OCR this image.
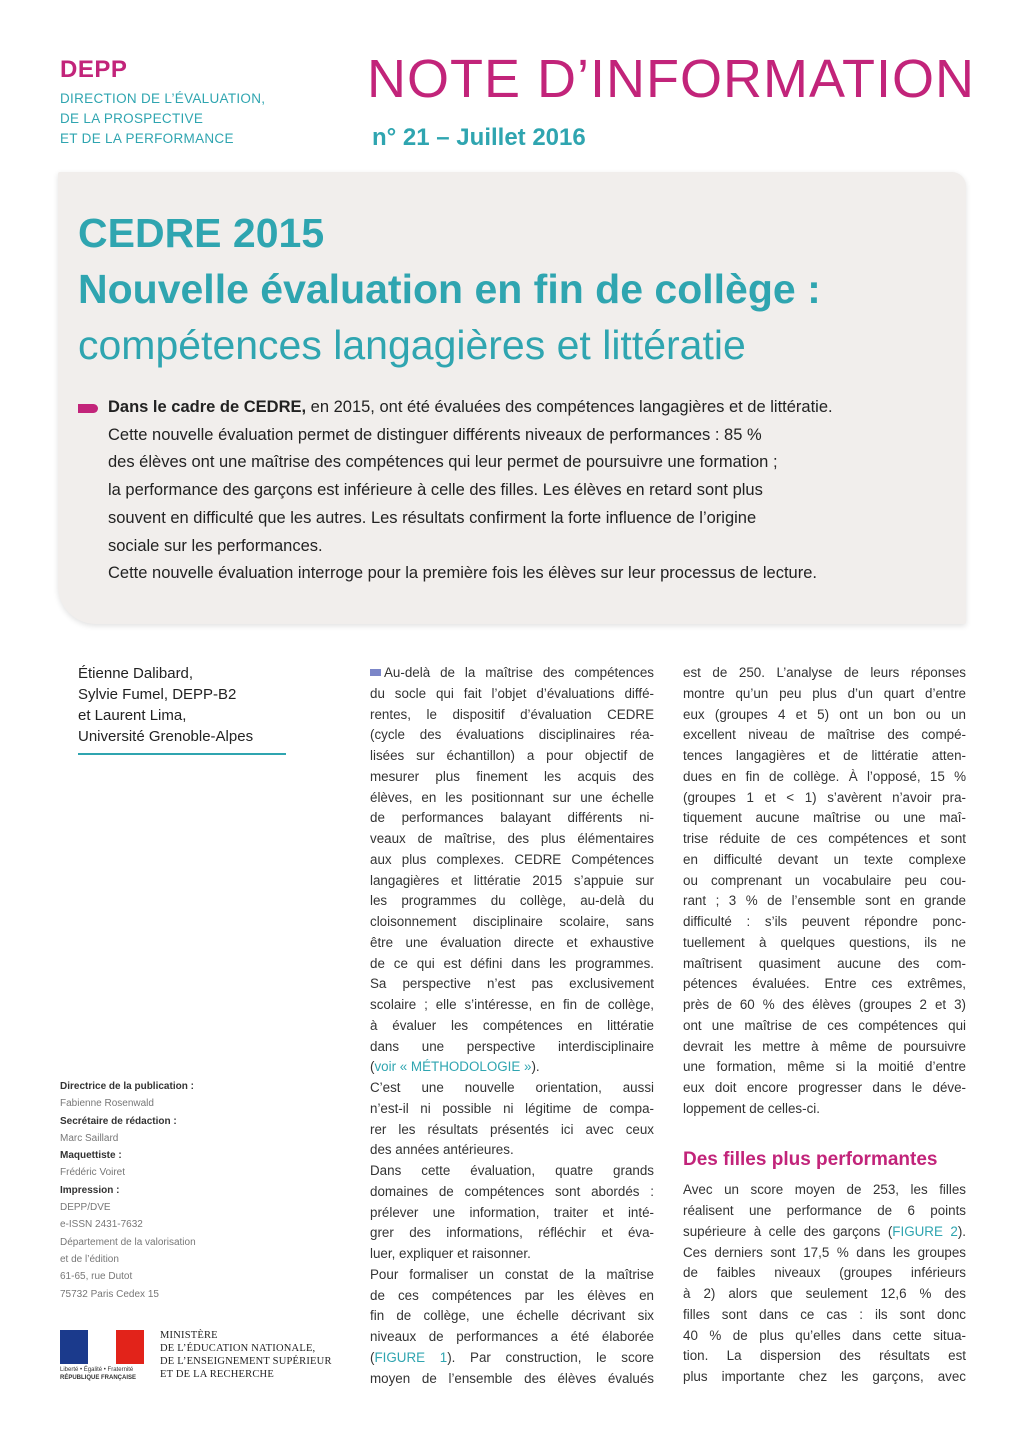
DEPP
DIRECTION DE L’ÉVALUATION,
DE LA PROSPECTIVE
ET DE LA PERFORMANCE
NOTE D’INFORMATION
n° 21 – Juillet 2016
CEDRE 2015
Nouvelle évaluation en fin de collège :
compétences langagières et littératie
Dans le cadre de CEDRE, en 2015, ont été évaluées des compétences langagières et de littératie.
Cette nouvelle évaluation permet de distinguer différents niveaux de performances : 85 %
des élèves ont une maîtrise des compétences qui leur permet de poursuivre une formation ;
la performance des garçons est inférieure à celle des filles. Les élèves en retard sont plus
souvent en difficulté que les autres. Les résultats confirment la forte influence de l’origine
sociale sur les performances.
Cette nouvelle évaluation interroge pour la première fois les élèves sur leur processus de lecture.
Étienne Dalibard,
Sylvie Fumel, DEPP-B2
et Laurent Lima,
Université Grenoble-Alpes
Directrice de la publication :
Fabienne Rosenwald
Secrétaire de rédaction :
Marc Saillard
Maquettiste :
Frédéric Voiret
Impression :
DEPP/DVE
e-ISSN 2431-7632
Département de la valorisation
et de l’édition
61-65, rue Dutot
75732 Paris Cedex 15
Liberté • Égalité • Fraternité
RÉPUBLIQUE FRANÇAISE
MINISTÈRE
DE L’ÉDUCATION NATIONALE,
DE L’ENSEIGNEMENT SUPÉRIEUR
ET DE LA RECHERCHE

Au-delà de la maîtrise des compétences
du socle qui fait l’objet d’évaluations diffé-
rentes, le dispositif d’évaluation CEDRE
(cycle des évaluations disciplinaires réa-
lisées sur échantillon) a pour objectif de
mesurer plus finement les acquis des
élèves, en les positionnant sur une échelle
de performances balayant différents ni-
veaux de maîtrise, des plus élémentaires
aux plus complexes. CEDRE Compétences
langagières et littératie 2015 s’appuie sur
les programmes du collège, au-delà du
cloisonnement disciplinaire scolaire, sans
être une évaluation directe et exhaustive
de ce qui est défini dans les programmes.
Sa perspective n’est pas exclusivement
scolaire ; elle s’intéresse, en fin de collège,
à évaluer les compétences en littératie
dans une perspective interdisciplinaire
(voir « MÉTHODOLOGIE »).

C’est une nouvelle orientation, aussi
n’est-il ni possible ni légitime de compa-
rer les résultats présentés ici avec ceux
des années antérieures.

Dans cette évaluation, quatre grands
domaines de compétences sont abordés :
prélever une information, traiter et inté-
grer des informations, réfléchir et éva-
luer, expliquer et raisonner.

Pour formaliser un constat de la maîtrise
de ces compétences par les élèves en
fin de collège, une échelle décrivant six
niveaux de performances a été élaborée
(FIGURE 1). Par construction, le score
moyen de l’ensemble des élèves évalués

est de 250. L’analyse de leurs réponses
montre qu’un peu plus d’un quart d’entre
eux (groupes 4 et 5) ont un bon ou un
excellent niveau de maîtrise des compé-
tences langagières et de littératie atten-
dues en fin de collège. À l’opposé, 15 %
(groupes 1 et < 1) s’avèrent n’avoir pra-
tiquement aucune maîtrise ou une maî-
trise réduite de ces compétences et sont
en difficulté devant un texte complexe
ou comprenant un vocabulaire peu cou-
rant ; 3 % de l’ensemble sont en grande
difficulté : s’ils peuvent répondre ponc-
tuellement à quelques questions, ils ne
maîtrisent quasiment aucune des com-
pétences évaluées. Entre ces extrêmes,
près de 60 % des élèves (groupes 2 et 3)
ont une maîtrise de ces compétences qui
devrait les mettre à même de poursuivre
une formation, même si la moitié d’entre
eux doit encore progresser dans le déve-
loppement de celles-ci.

Des filles plus performantes

Avec un score moyen de 253, les filles
réalisent une performance de 6 points
supérieure à celle des garçons (FIGURE 2).
Ces derniers sont 17,5 % dans les groupes
de faibles niveaux (groupes inférieurs
à 2) alors que seulement 12,6 % des
filles sont dans ce cas : ils sont donc
40 % de plus qu’elles dans cette situa-
tion. La dispersion des résultats est
plus importante chez les garçons, avec
